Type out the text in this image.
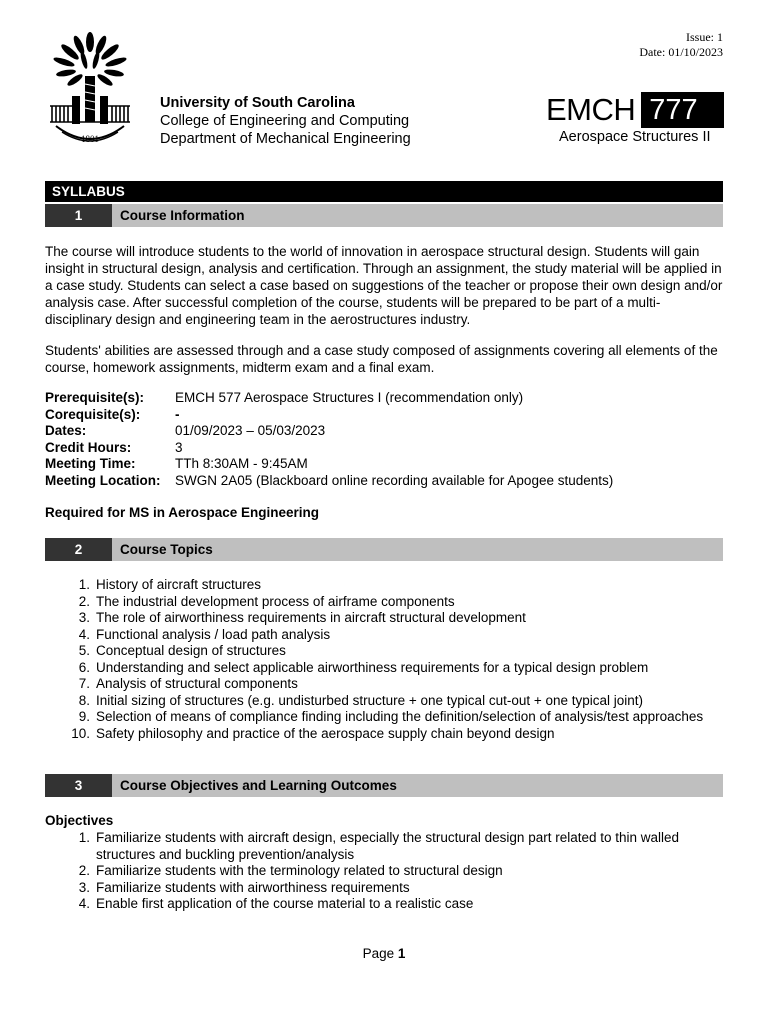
Issue: 1
Date: 01/10/2023
1801
University of South Carolina
College of Engineering and Computing
Department of Mechanical Engineering
EMCH 777
Aerospace Structures II
SYLLABUS
1	Course Information
The course will introduce students to the world of innovation in aerospace structural design. Students will gain insight in structural design, analysis and certification. Through an assignment, the study material will be applied in a case study. Students can select a case based on suggestions of the teacher or propose their own design and/or analysis case. After successful completion of the course, students will be prepared to be part of a multi-disciplinary design and engineering team in the aerostructures industry.
Students' abilities are assessed through and a case study composed of assignments covering all elements of the course, homework assignments, midterm exam and a final exam.
Prerequisite(s):	EMCH 577 Aerospace Structures I (recommendation only)
Corequisite(s):	-
Dates:	01/09/2023 – 05/03/2023
Credit Hours:	3
Meeting Time:	TTh 8:30AM - 9:45AM
Meeting Location:	SWGN 2A05 (Blackboard online recording available for Apogee students)
Required for MS in Aerospace Engineering
2	Course Topics
1. History of aircraft structures
2. The industrial development process of airframe components
3. The role of airworthiness requirements in aircraft structural development
4. Functional analysis / load path analysis
5. Conceptual design of structures
6. Understanding and select applicable airworthiness requirements for a typical design problem
7. Analysis of structural components
8. Initial sizing of structures (e.g. undisturbed structure + one typical cut-out + one typical joint)
9. Selection of means of compliance finding including the definition/selection of analysis/test approaches
10. Safety philosophy and practice of the aerospace supply chain beyond design
3	Course Objectives and Learning Outcomes
Objectives
1. Familiarize students with aircraft design, especially the structural design part related to thin walled structures and buckling prevention/analysis
2. Familiarize students with the terminology related to structural design
3. Familiarize students with airworthiness requirements
4. Enable first application of the course material to a realistic case
Page 1
